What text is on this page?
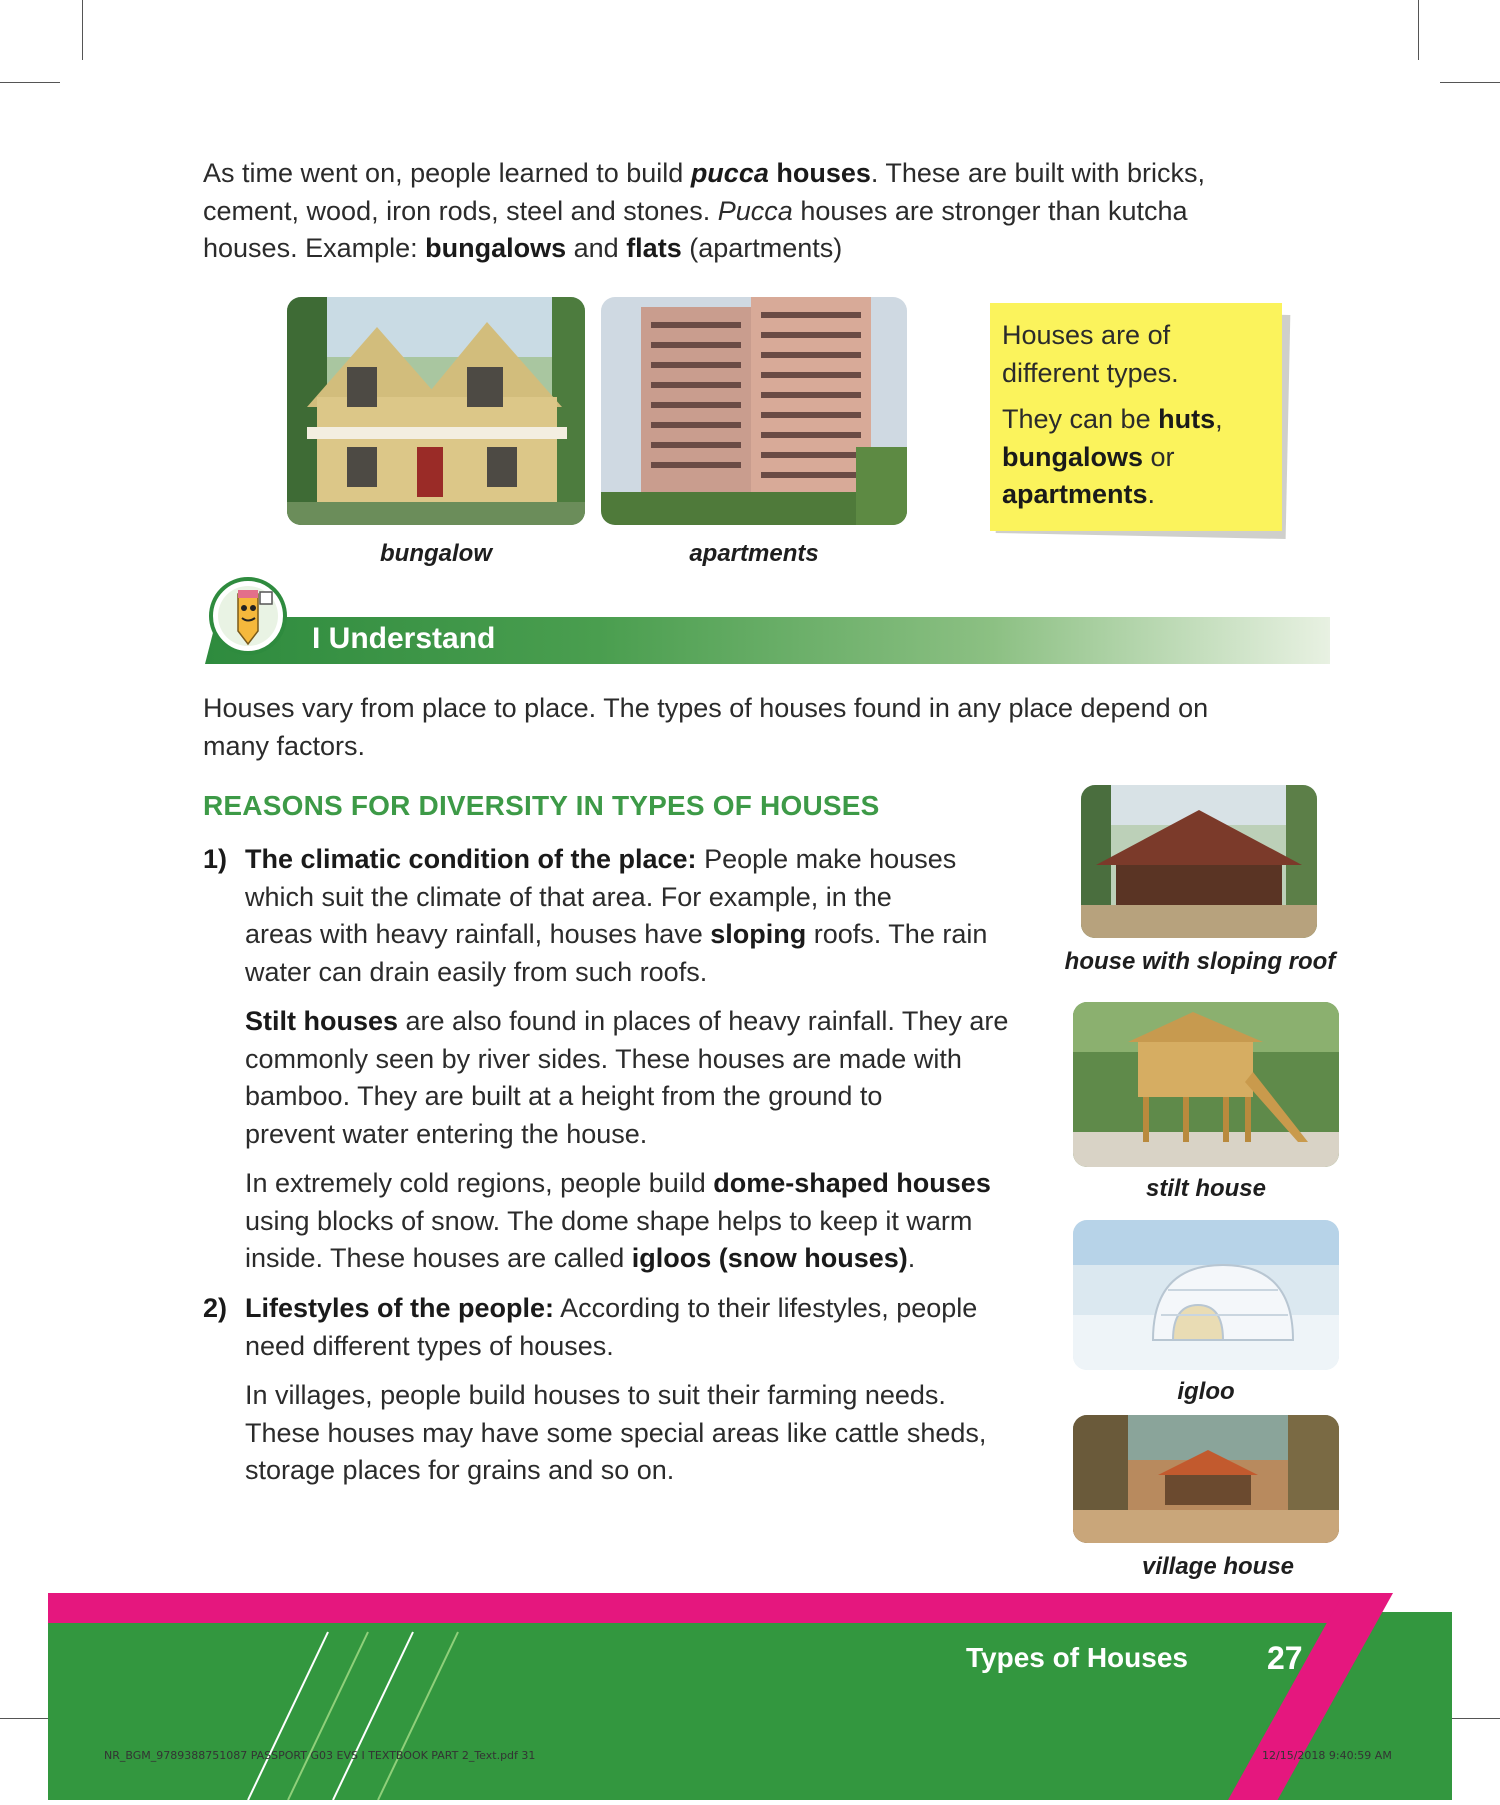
As time went on, people learned to build pucca houses. These are built with bricks,

cement, wood, iron rods, steel and stones. Pucca houses are stronger than kutcha

houses. Example: bungalows and flats (apartments)

bungalow	apartments
Houses are of
different types.
They can be huts,
bungalows or
apartments.
I Understand

Houses vary from place to place. The types of houses found in any place depend on

many factors.

REASONS FOR DIVERSITY IN TYPES OF HOUSES
1) The climatic condition of the place: People make houses

which suit the climate of that area. For example, in the

areas with heavy rainfall, houses have sloping roofs. The rain

water can drain easily from such roofs.

Stilt houses are also found in places of heavy rainfall. They are

commonly seen by river sides. These houses are made with

bamboo. They are built at a height from the ground to

prevent water entering the house.

In extremely cold regions, people build dome-shaped houses

using blocks of snow. The dome shape helps to keep it warm

inside. These houses are called igloos (snow houses).

2) Lifestyles of the people: According to their lifestyles, people

need different types of houses.

In villages, people build houses to suit their farming needs.

These houses may have some special areas like cattle sheds,

storage places for grains and so on.

house with sloping roof
stilt house
igloo
village house
Types of Houses 27
NR_BGM_9789388751087 PASSPORT G03 EVS I TEXTBOOK PART 2_Text.pdf 31	12/15/2018 9:40:59 AM
